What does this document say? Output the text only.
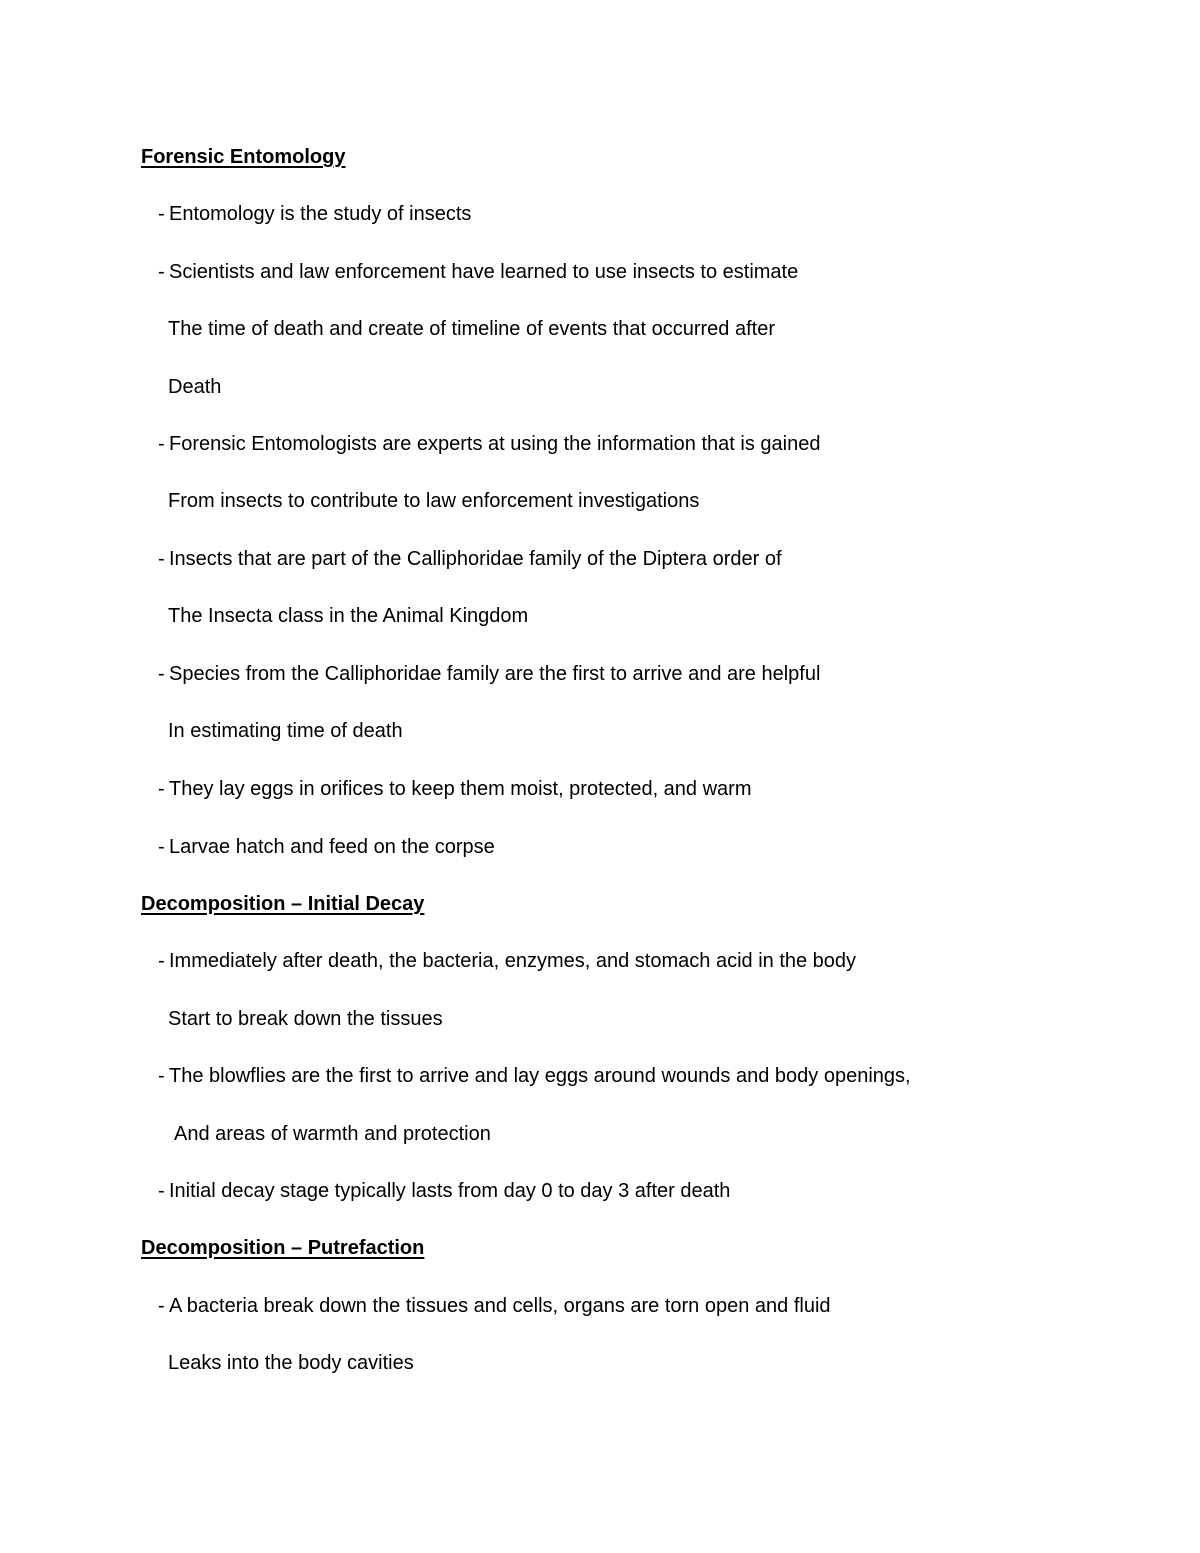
Forensic Entomology
- Entomology is the study of insects
- Scientists and law enforcement have learned to use insects to estimate
The time of death and create of timeline of events that occurred after
Death
- Forensic Entomologists are experts at using the information that is gained
From insects to contribute to law enforcement investigations
- Insects that are part of the Calliphoridae family of the Diptera order of
The Insecta class in the Animal Kingdom
- Species from the Calliphoridae family are the first to arrive and are helpful
In estimating time of death
- They lay eggs in orifices to keep them moist, protected, and warm
- Larvae hatch and feed on the corpse
Decomposition – Initial Decay
- Immediately after death, the bacteria, enzymes, and stomach acid in the body
Start to break down the tissues
- The blowflies are the first to arrive and lay eggs around wounds and body openings,
And areas of warmth and protection
- Initial decay stage typically lasts from day 0 to day 3 after death
Decomposition – Putrefaction
- A bacteria break down the tissues and cells, organs are torn open and fluid
Leaks into the body cavities
